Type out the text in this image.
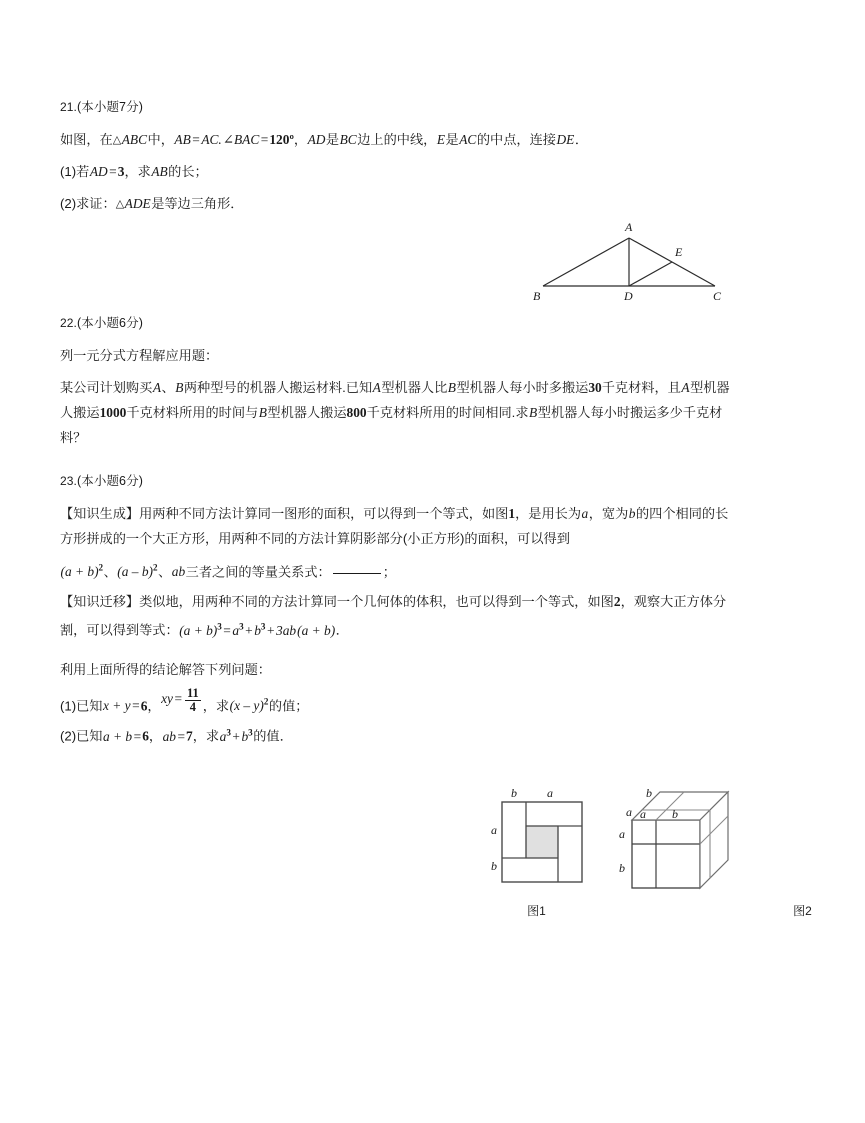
21.(本小题7分)
如图，在△ABC中，AB = AC.∠BAC =120º，AD是BC边上的中线，E是AC的中点，连接DE．
(1)若AD =3，求AB的长；
(2)求证：△ADE是等边三角形．
22.(本小题6分)
列一元分式方程解应用题：
某公司计划购买A、B两种型号的机器人搬运材料.已知A型机器人比B型机器人每小时多搬运30千克材料，且A型机器人搬运1000千克材料所用的时间与B型机器人搬运800千克材料所用的时间相同.求B型机器人每小时搬运多少千克材料？
23.(本小题6分)
【知识生成】用两种不同方法计算同一图形的面积，可以得到一个等式，如图1，是用长为a，宽为b的四个相同的长方形拼成的一个大正方形，用两种不同的方法计算阴影部分(小正方形)的面积，可以得到
$(a + b)^2$、(a – b)$^2$、ab三者之间的等量关系式：	；
【知识迁移】类似地，用两种不同的方法计算同一个几何体的体积，也可以得到一个等式，如图2，观察大正方体分割，可以得到等式：$(a + b)^3 = a^3 + b^3 + 3ab(a + b)$．
利用上面所得的结论解答下列问题：
(1)已知x + y =6，xy = $\frac{11}{4}$ ，求(x – y)$^2$的值；
(2)已知a + b =6，ab =7，求$a^3 + b^3$的值．
A
B	C
D
E
b	a
a
b
图1
b
a a b
a
b
图2
